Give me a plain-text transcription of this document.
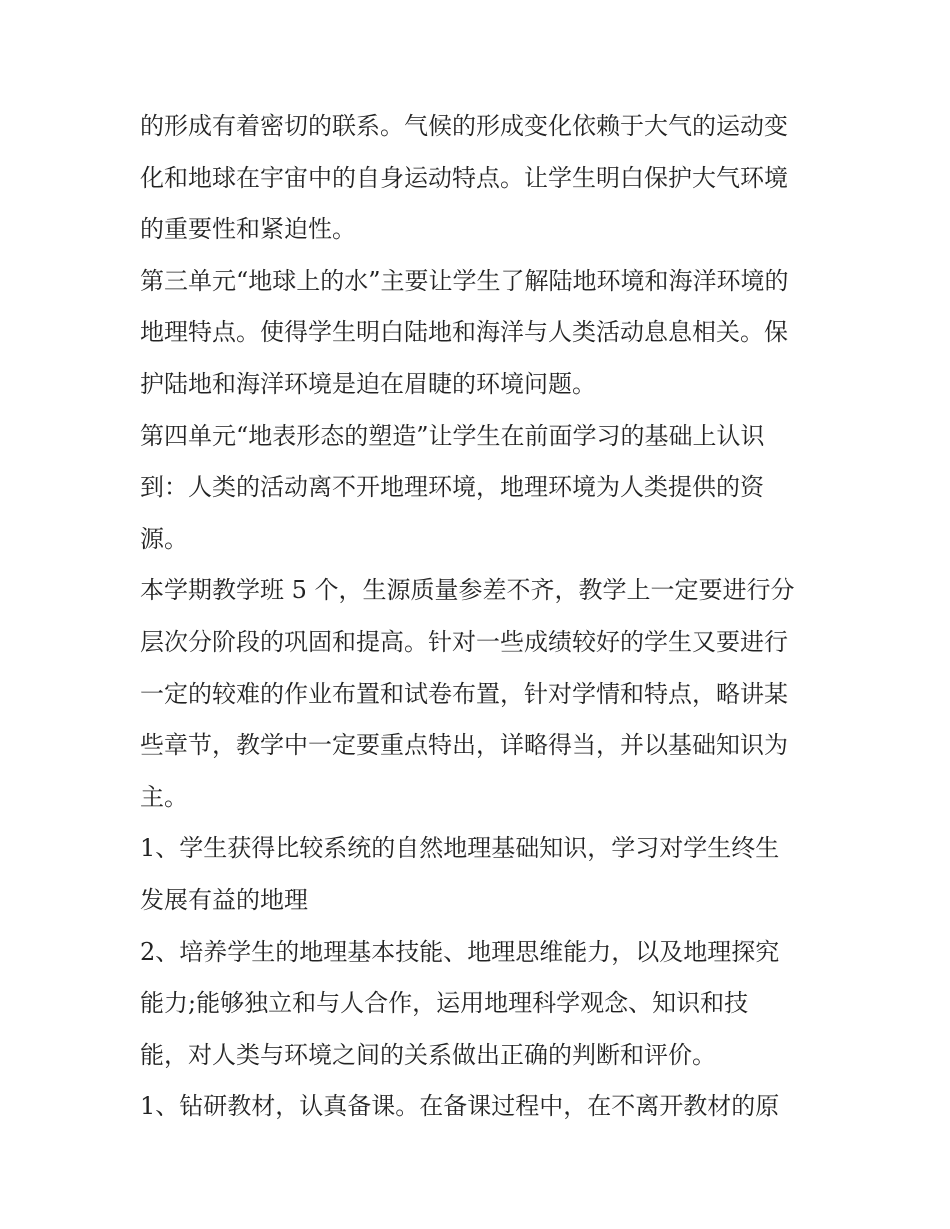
的形成有着密切的联系。气候的形成变化依赖于大气的运动变
化和地球在宇宙中的自身运动特点。让学生明白保护大气环境
的重要性和紧迫性。
第三单元“地球上的水”主要让学生了解陆地环境和海洋环境的
地理特点。使得学生明白陆地和海洋与人类活动息息相关。保
护陆地和海洋环境是迫在眉睫的环境问题。
第四单元“地表形态的塑造”让学生在前面学习的基础上认识
到：人类的活动离不开地理环境，地理环境为人类提供的资
源。
本学期教学班 5 个，生源质量参差不齐，教学上一定要进行分
层次分阶段的巩固和提高。针对一些成绩较好的学生又要进行
一定的较难的作业布置和试卷布置，针对学情和特点，略讲某
些章节，教学中一定要重点特出，详略得当，并以基础知识为
主。
1、学生获得比较系统的自然地理基础知识，学习对学生终生
发展有益的地理
2、培养学生的地理基本技能、地理思维能力，以及地理探究
能力;能够独立和与人合作，运用地理科学观念、知识和技
能，对人类与环境之间的关系做出正确的判断和评价。
1、钻研教材，认真备课。在备课过程中，在不离开教材的原
